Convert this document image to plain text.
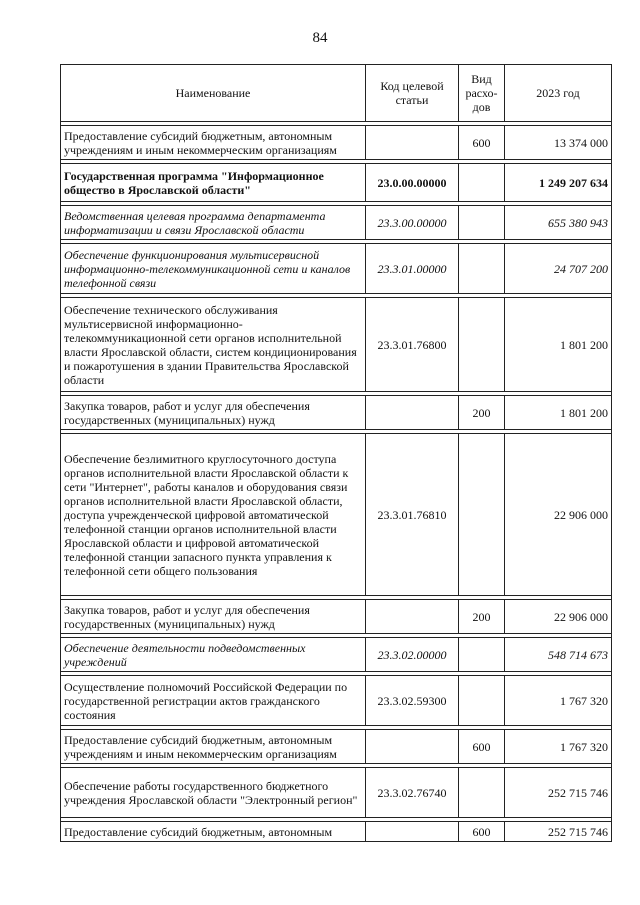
84
Наименование	Код целевой статьи	Вид расхо-дов	2023 год

Предоставление субсидий бюджетным, автономным учреждениям и иным некоммерческим организациям		600	13 374 000

Государственная программа "Информационное общество в Ярославской области"	23.0.00.00000		1 249 207 634

Ведомственная целевая программа департамента информатизации и связи Ярославской области	23.3.00.00000		655 380 943

Обеспечение функционирования мультисервисной информационно-телекоммуникационной сети и каналов телефонной связи	23.3.01.00000		24 707 200

Обеспечение технического обслуживания мультисервисной информационно-телекоммуникационной сети органов исполнительной власти Ярославской области, систем кондиционирования и пожаротушения в здании Правительства Ярославской области	23.3.01.76800		1 801 200

Закупка товаров, работ и услуг для обеспечения государственных (муниципальных) нужд		200	1 801 200

Обеспечение безлимитного круглосуточного доступа органов исполнительной власти Ярославской области к сети "Интернет", работы каналов и оборудования связи органов исполнительной власти Ярославской области, доступа учрежденческой цифровой автоматической телефонной станции органов исполнительной власти Ярославской области и цифровой автоматической телефонной станции запасного пункта управления к телефонной сети общего пользования	23.3.01.76810		22 906 000

Закупка товаров, работ и услуг для обеспечения государственных (муниципальных) нужд		200	22 906 000

Обеспечение деятельности подведомственных учреждений	23.3.02.00000		548 714 673

Осуществление полномочий Российской Федерации по государственной регистрации актов гражданского состояния	23.3.02.59300		1 767 320

Предоставление субсидий бюджетным, автономным учреждениям и иным некоммерческим организациям		600	1 767 320

Обеспечение работы государственного бюджетного учреждения Ярославской области "Электронный регион"	23.3.02.76740		252 715 746

Предоставление субсидий бюджетным, автономным		600	252 715 746
